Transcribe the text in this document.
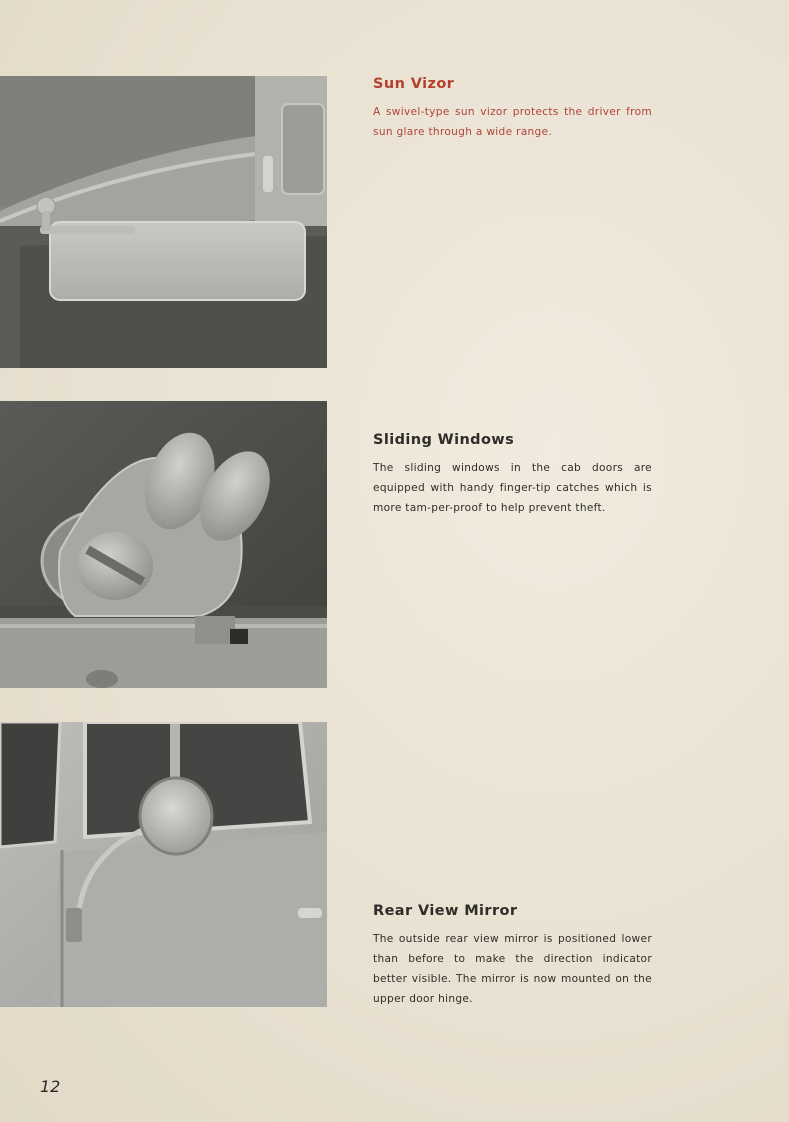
Sun Vizor

A swivel-type sun vizor protects the driver from sun glare through a wide range.

Sliding Windows

The sliding windows in the cab doors are equipped with handy finger-tip catches which is more tam-per-proof to help prevent theft.

Rear View Mirror

The outside rear view mirror is positioned lower than before to make the direction indicator better visible. The mirror is now mounted on the upper door hinge.

12
